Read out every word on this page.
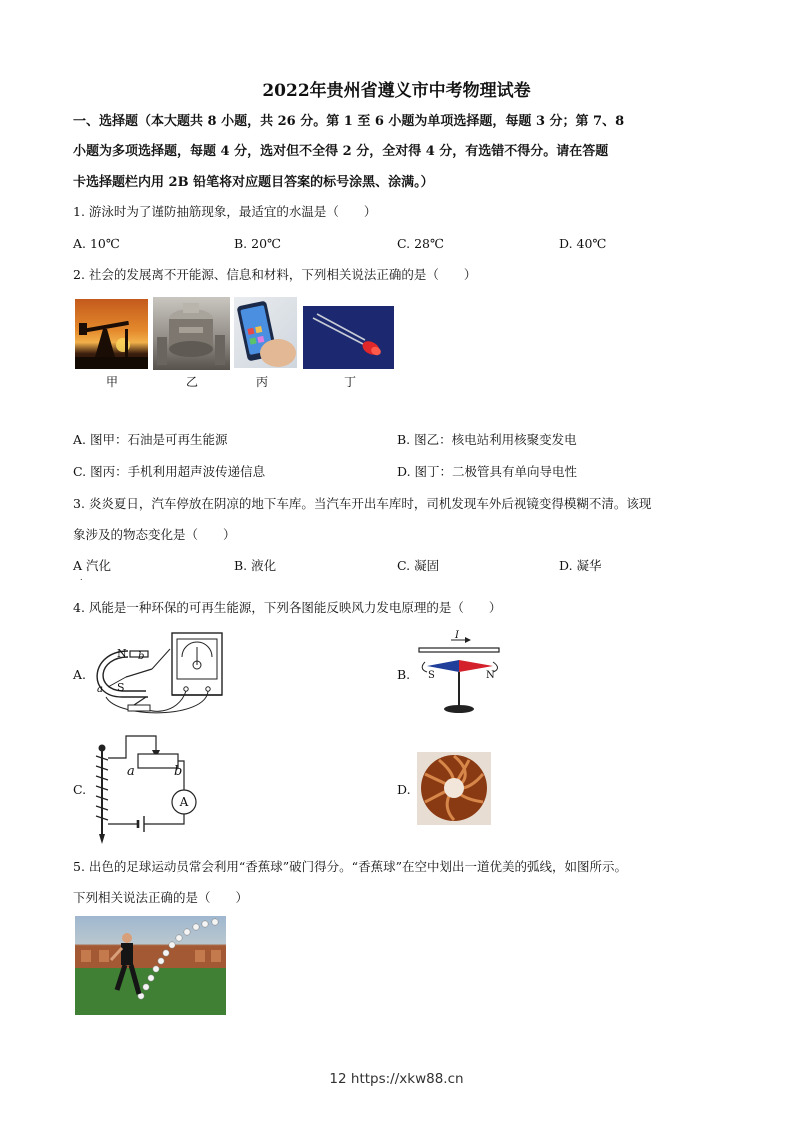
2022年贵州省遵义市中考物理试卷
一、选择题（本大题共 8 小题，共 26 分。第 1 至 6 小题为单项选择题，每题 3 分；第 7、8
小题为多项选择题，每题 4 分，选对但不全得 2 分，全对得 4 分，有选错不得分。请在答题
卡选择题栏内用 2B 铅笔将对应题目答案的标号涂黑、涂满。）
1. 游泳时为了谨防抽筋现象，最适宜的水温是（　　）
A. 10℃	B. 20℃	C. 28℃	D. 40℃
2. 社会的发展离不开能源、信息和材料，下列相关说法正确的是（　　）
甲	乙	丙	丁
A. 图甲：石油是可再生能源	B. 图乙：核电站利用核聚变发电
C. 图丙：手机利用超声波传递信息	D. 图丁：二极管具有单向导电性
3. 炎炎夏日，汽车停放在阴凉的地下车库。当汽车开出车库时，司机发现车外后视镜变得模糊不清。该现
象涉及的物态变化是（　　）
A 汽化
.
B. 液化	C. 凝固	D. 凝华
4. 风能是一种环保的可再生能源，下列各图能反映风力发电原理的是（　　）
A.
N
S
b
a
B.
I
S	N
C.
a	b
A
D.
5. 出色的足球运动员常会利用“香蕉球”破门得分。“香蕉球”在空中划出一道优美的弧线，如图所示。
下列相关说法正确的是（　　）
12 https://xkw88.cn
